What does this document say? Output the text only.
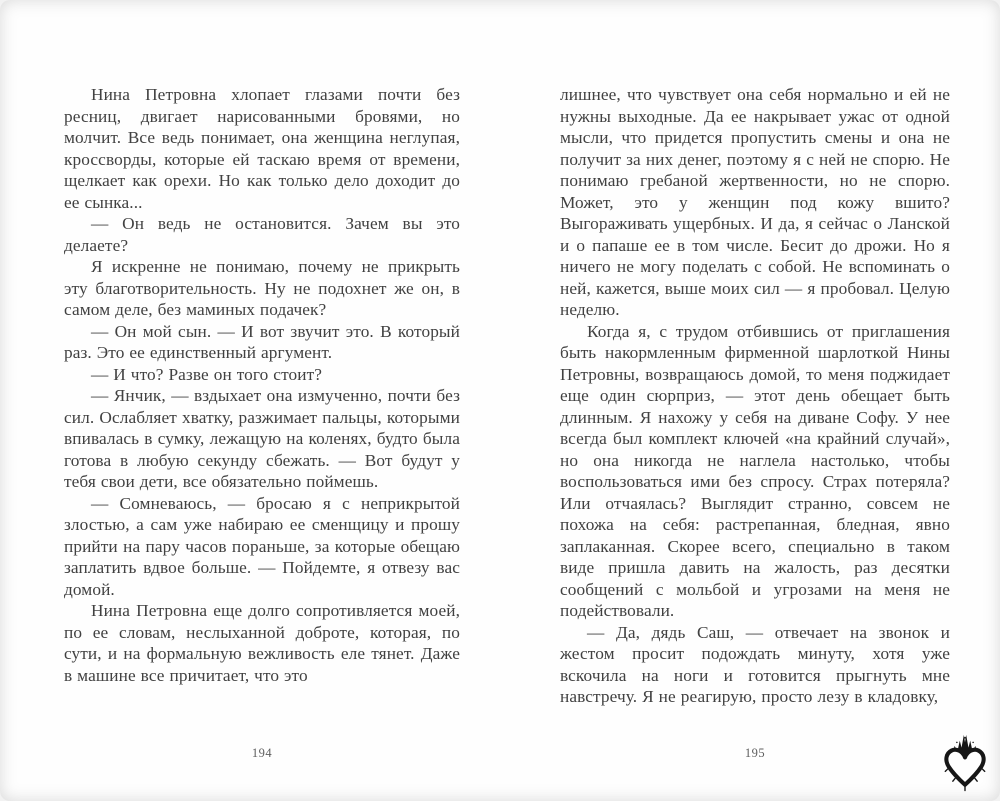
Нина Петровна хлопает глазами почти без ресниц, двигает нарисованными бровями, но молчит. Все ведь понимает, она женщина неглупая, кроссворды, которые ей таскаю время от времени, щелкает как орехи. Но как только дело доходит до ее сынка...

— Он ведь не остановится. Зачем вы это делаете?

Я искренне не понимаю, почему не прикрыть эту благотворительность. Ну не подохнет же он, в самом деле, без маминых подачек?

— Он мой сын. — И вот звучит это. В который раз. Это ее единственный аргумент.

— И что? Разве он того стоит?

— Янчик, — вздыхает она измученно, почти без сил. Ослабляет хватку, разжимает пальцы, которыми впивалась в сумку, лежащую на коленях, будто была готова в любую секунду сбежать. — Вот будут у тебя свои дети, все обязательно поймешь.

— Сомневаюсь, — бросаю я с неприкрытой злостью, а сам уже набираю ее сменщицу и прошу прийти на пару часов пораньше, за которые обещаю заплатить вдвое больше. — Пойдемте, я отвезу вас домой.

Нина Петровна еще долго сопротивляется моей, по ее словам, неслыханной доброте, которая, по сути, и на формальную вежливость еле тянет. Даже в машине все причитает, что это

лишнее, что чувствует она себя нормально и ей не нужны выходные. Да ее накрывает ужас от одной мысли, что придется пропустить смены и она не получит за них денег, поэтому я с ней не спорю. Не понимаю гребаной жертвенности, но не спорю. Может, это у женщин под кожу вшито? Выгораживать ущербных. И да, я сейчас о Ланской и о папаше ее в том числе. Бесит до дрожи. Но я ничего не могу поделать с собой. Не вспоминать о ней, кажется, выше моих сил — я пробовал. Целую неделю.

Когда я, с трудом отбившись от приглашения быть накормленным фирменной шарлоткой Нины Петровны, возвращаюсь домой, то меня поджидает еще один сюрприз, — этот день обещает быть длинным. Я нахожу у себя на диване Софу. У нее всегда был комплект ключей «на крайний случай», но она никогда не наглела настолько, чтобы воспользоваться ими без спросу. Страх потеряла? Или отчаялась? Выглядит странно, совсем не похожа на себя: растрепанная, бледная, явно заплаканная. Скорее всего, специально в таком виде пришла давить на жалость, раз десятки сообщений с мольбой и угрозами на меня не подействовали.

— Да, дядь Саш, — отвечает на звонок и жестом просит подождать минуту, хотя уже вскочила на ноги и готовится прыгнуть мне навстречу. Я не реагирую, просто лезу в кладовку,

194	195
